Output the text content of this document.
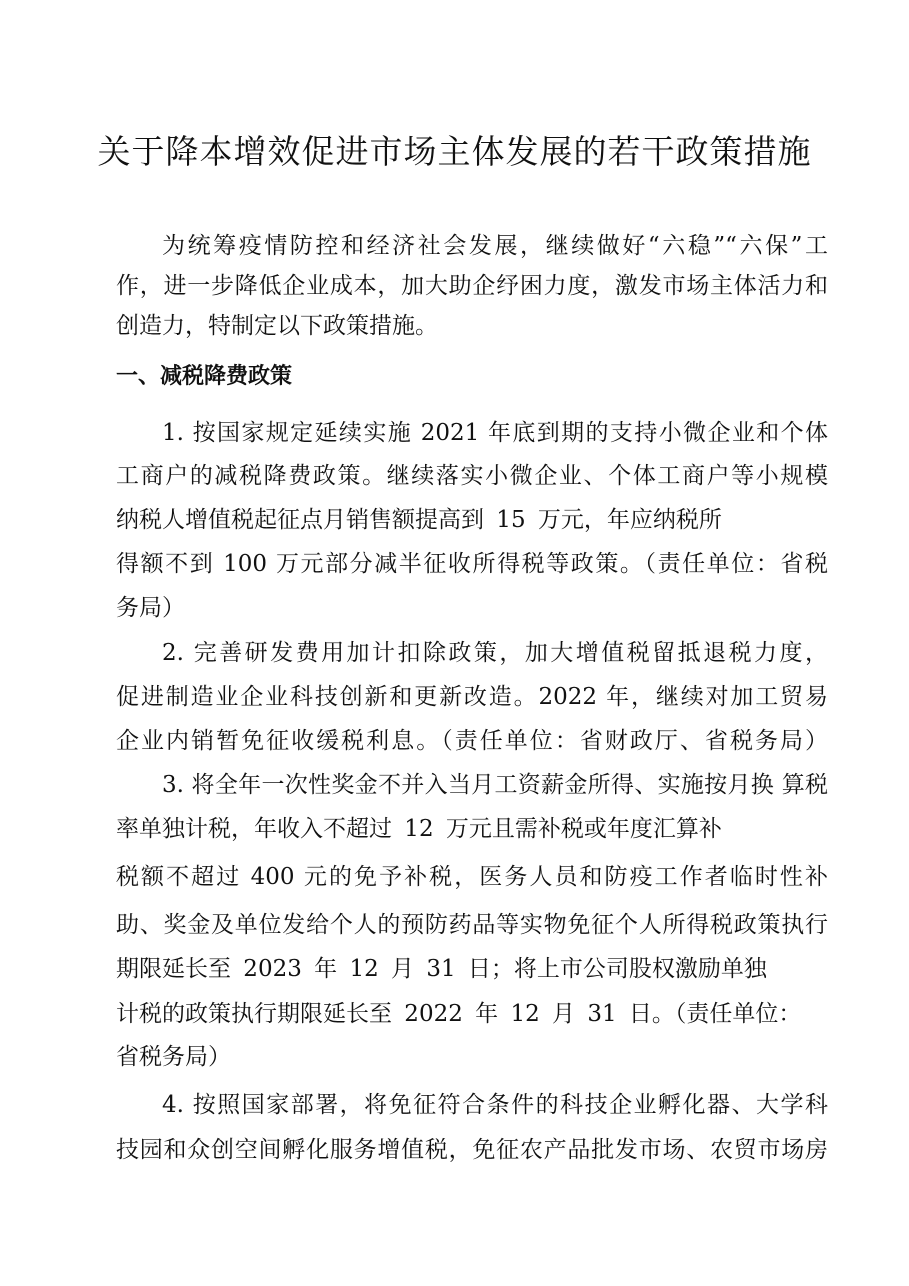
关于降本增效促进市场主体发展的若干政策措施
为统筹疫情防控和经济社会发展，继续做好“六稳”“六保”工
作，进一步降低企业成本，加大助企纾困力度，激发市场主体活力和
创造力，特制定以下政策措施。
一、减税降费政策
1. 按国家规定延续实施 2021 年底到期的支持小微企业和个体
工商户的减税降费政策。继续落实小微企业、个体工商户等小规模
纳税人增值税起征点月销售额提高到 15 万元，年应纳税所
得额不到 100 万元部分减半征收所得税等政策。（责任单位：省税
务局）
2. 完善研发费用加计扣除政策，加大增值税留抵退税力度，
促进制造业企业科技创新和更新改造。2022 年，继续对加工贸易
企业内销暂免征收缓税利息。（责任单位：省财政厅、省税务局）
3. 将全年一次性奖金不并入当月工资薪金所得、实施按月换 算税
率单独计税，年收入不超过 12 万元且需补税或年度汇算补
税额不超过 400 元的免予补税，医务人员和防疫工作者临时性补
助、奖金及单位发给个人的预防药品等实物免征个人所得税政策执行
期限延长至 2023 年 12 月 31 日；将上市公司股权激励单独
计税的政策执行期限延长至 2022 年 12 月 31 日。（责任单位：
省税务局）
4. 按照国家部署，将免征符合条件的科技企业孵化器、大学科
技园和众创空间孵化服务增值税，免征农产品批发市场、农贸市场房
